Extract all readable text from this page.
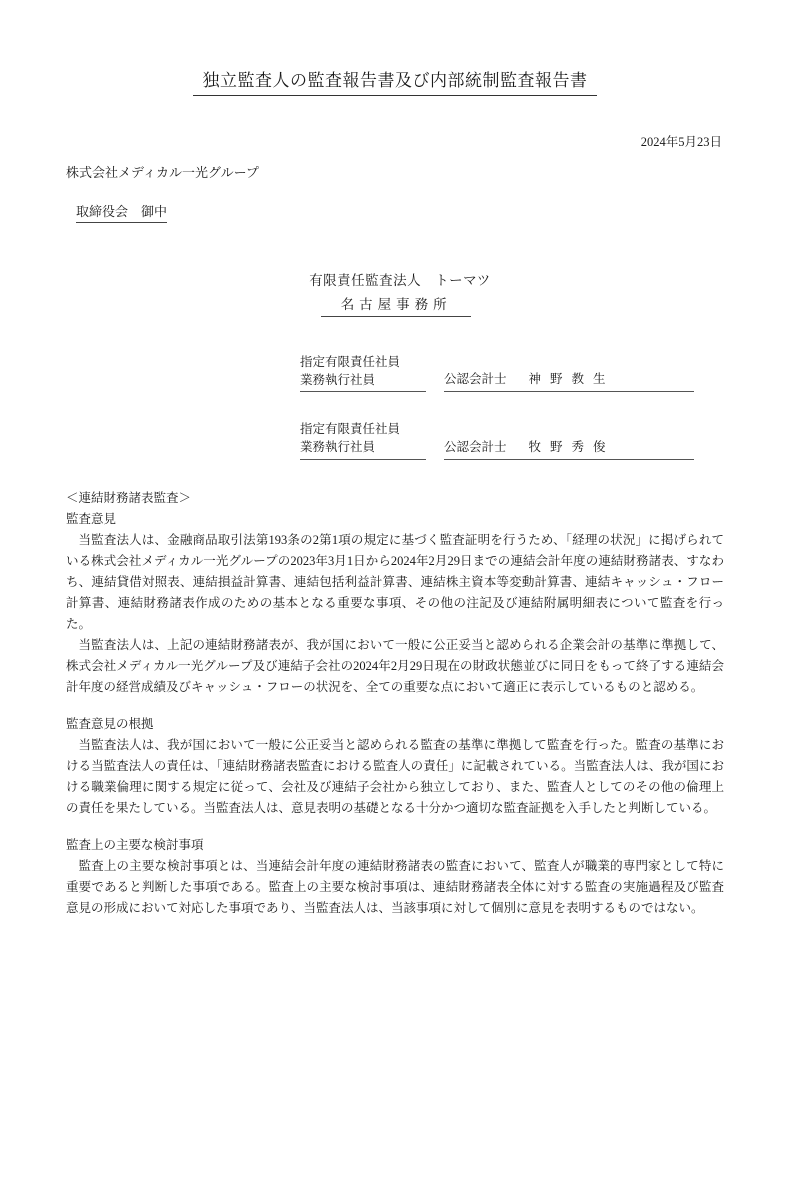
独立監査人の監査報告書及び内部統制監査報告書
2024年5月23日
株式会社メディカル一光グループ
取締役会　御中
有限責任監査法人　トーマツ
名古屋事務所
指定有限責任社員
業務執行社員	公認会計士 神野教生
指定有限責任社員
業務執行社員	公認会計士 牧野秀俊
＜連結財務諸表監査＞
監査意見

当監査法人は、金融商品取引法第193条の2第1項の規定に基づく監査証明を行うため、「経理の状況」に掲げられている株式会社メディカル一光グループの2023年3月1日から2024年2月29日までの連結会計年度の連結財務諸表、すなわち、連結貸借対照表、連結損益計算書、連結包括利益計算書、連結株主資本等変動計算書、連結キャッシュ・フロー計算書、連結財務諸表作成のための基本となる重要な事項、その他の注記及び連結附属明細表について監査を行った。

当監査法人は、上記の連結財務諸表が、我が国において一般に公正妥当と認められる企業会計の基準に準拠して、株式会社メディカル一光グループ及び連結子会社の2024年2月29日現在の財政状態並びに同日をもって終了する連結会計年度の経営成績及びキャッシュ・フローの状況を、全ての重要な点において適正に表示しているものと認める。

監査意見の根拠

当監査法人は、我が国において一般に公正妥当と認められる監査の基準に準拠して監査を行った。監査の基準における当監査法人の責任は、「連結財務諸表監査における監査人の責任」に記載されている。当監査法人は、我が国における職業倫理に関する規定に従って、会社及び連結子会社から独立しており、また、監査人としてのその他の倫理上の責任を果たしている。当監査法人は、意見表明の基礎となる十分かつ適切な監査証拠を入手したと判断している。

監査上の主要な検討事項

監査上の主要な検討事項とは、当連結会計年度の連結財務諸表の監査において、監査人が職業的専門家として特に重要であると判断した事項である。監査上の主要な検討事項は、連結財務諸表全体に対する監査の実施過程及び監査意見の形成において対応した事項であり、当監査法人は、当該事項に対して個別に意見を表明するものではない。
